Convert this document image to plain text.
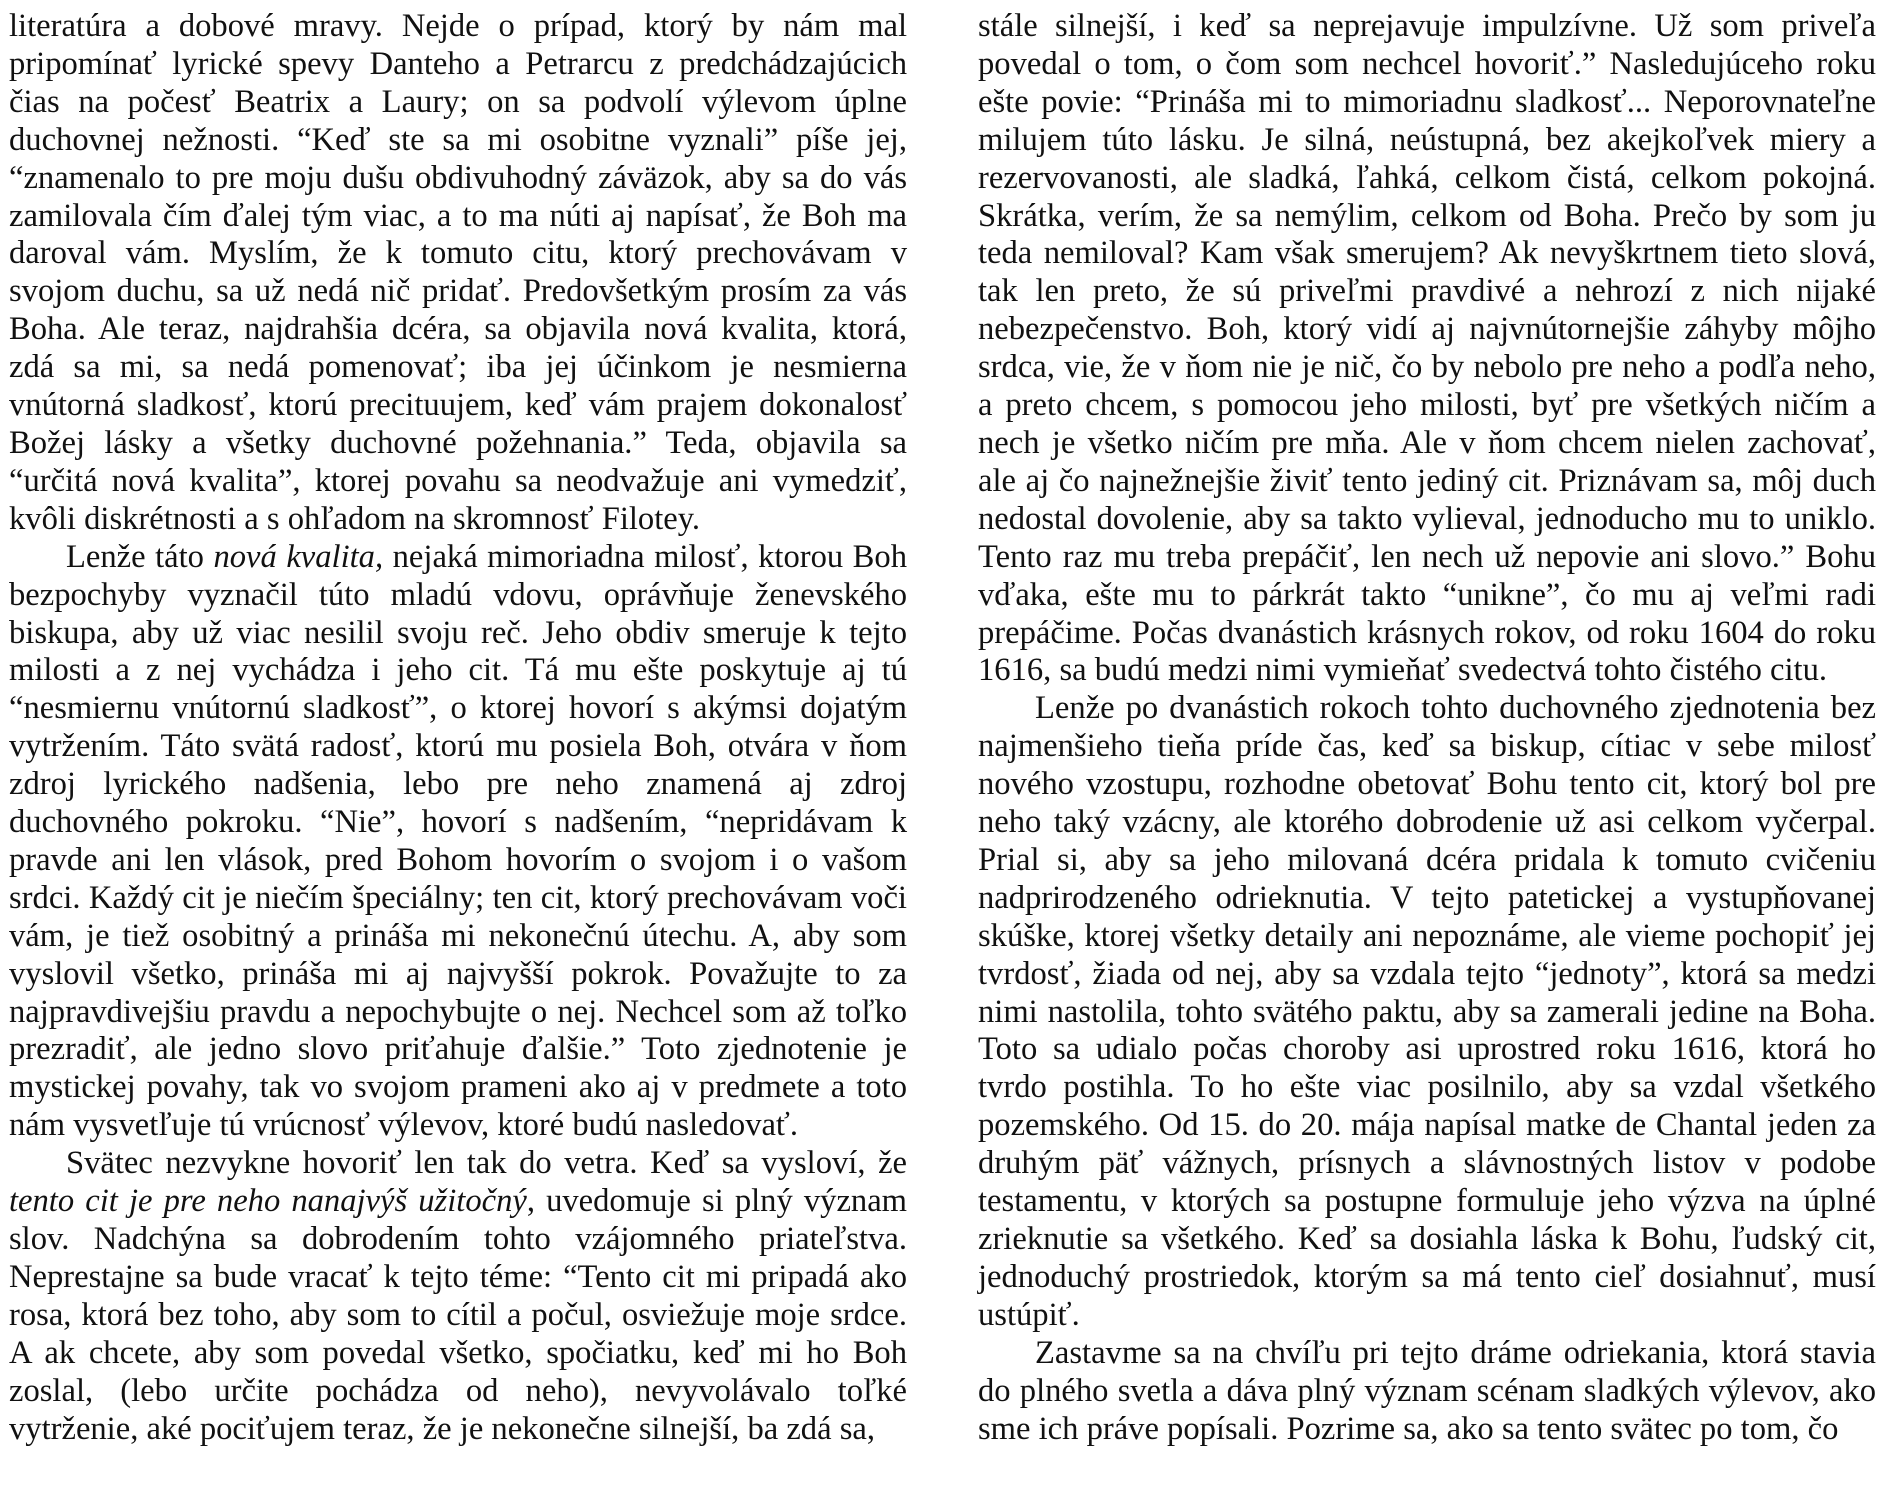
literatúra a dobové mravy. Nejde o prípad, ktorý by nám mal pripomínať lyrické spevy Danteho a Petrarcu z predchádzajúcich čias na počesť Beatrix a Laury; on sa podvolí výlevom úplne duchovnej nežnosti. “Keď ste sa mi osobitne vyznali” píše jej, “znamenalo to pre moju dušu obdivuhodný záväzok, aby sa do vás zamilovala čím ďalej tým viac, a to ma núti aj napísať, že Boh ma daroval vám. Myslím, že k tomuto citu, ktorý prechovávam v svojom duchu, sa už nedá nič pridať. Predovšetkým prosím za vás Boha. Ale teraz, najdrahšia dcéra, sa objavila nová kvalita, ktorá, zdá sa mi, sa nedá pomenovať; iba jej účinkom je nesmierna vnútorná sladkosť, ktorú precituujem, keď vám prajem dokonalosť Božej lásky a všetky duchovné požehnania.” Teda, objavila sa “určitá nová kvalita”, ktorej povahu sa neodvažuje ani vymedziť, kvôli diskrétnosti a s ohľadom na skromnosť Filotey.

Lenže táto nová kvalita, nejaká mimoriadna milosť, ktorou Boh bezpochyby vyznačil túto mladú vdovu, oprávňuje ženevského biskupa, aby už viac nesilil svoju reč. Jeho obdiv smeruje k tejto milosti a z nej vychádza i jeho cit. Tá mu ešte poskytuje aj tú “nesmiernu vnútornú sladkosť”, o ktorej hovorí s akýmsi dojatým vytržením. Táto svätá radosť, ktorú mu posiela Boh, otvára v ňom zdroj lyrického nadšenia, lebo pre neho znamená aj zdroj duchovného pokroku. “Nie”, hovorí s nadšením, “nepridávam k pravde ani len vlások, pred Bohom hovorím o svojom i o vašom srdci. Každý cit je niečím špeciálny; ten cit, ktorý prechovávam voči vám, je tiež osobitný a prináša mi nekonečnú útechu. A, aby som vyslovil všetko, prináša mi aj najvyšší pokrok. Považujte to za najpravdivejšiu pravdu a nepochybujte o nej. Nechcel som až toľko prezradiť, ale jedno slovo priťahuje ďalšie.” Toto zjednotenie je mystickej povahy, tak vo svojom prameni ako aj v predmete a toto nám vysvetľuje tú vrúcnosť výlevov, ktoré budú nasledovať.

Svätec nezvykne hovoriť len tak do vetra. Keď sa vysloví, že tento cit je pre neho nanajvýš užitočný, uvedomuje si plný význam slov. Nadchýna sa dobrodením tohto vzájomného priateľstva. Neprestajne sa bude vracať k tejto téme: “Tento cit mi pripadá ako rosa, ktorá bez toho, aby som to cítil a počul, osviežuje moje srdce. A ak chcete, aby som povedal všetko, spočiatku, keď mi ho Boh zoslal, (lebo určite pochádza od neho), nevyvolávalo toľké vytrženie, aké pociťujem teraz, že je nekonečne silnejší, ba zdá sa,

stále silnejší, i keď sa neprejavuje impulzívne. Už som priveľa povedal o tom, o čom som nechcel hovoriť.” Nasledujúceho roku ešte povie: “Prináša mi to mimoriadnu sladkosť... Neporovnateľne milujem túto lásku. Je silná, neústupná, bez akejkoľvek miery a rezervovanosti, ale sladká, ľahká, celkom čistá, celkom pokojná. Skrátka, verím, že sa nemýlim, celkom od Boha. Prečo by som ju teda nemiloval? Kam však smerujem? Ak nevyškrtnem tieto slová, tak len preto, že sú priveľmi pravdivé a nehrozí z nich nijaké nebezpečenstvo. Boh, ktorý vidí aj najvnútornejšie záhyby môjho srdca, vie, že v ňom nie je nič, čo by nebolo pre neho a podľa neho, a preto chcem, s pomocou jeho milosti, byť pre všetkých ničím a nech je všetko ničím pre mňa. Ale v ňom chcem nielen zachovať, ale aj čo najnežnejšie živiť tento jediný cit. Priznávam sa, môj duch nedostal dovolenie, aby sa takto vylieval, jednoducho mu to uniklo. Tento raz mu treba prepáčiť, len nech už nepovie ani slovo.” Bohu vďaka, ešte mu to párkrát takto “unikne”, čo mu aj veľmi radi prepáčime. Počas dvanástich krásnych rokov, od roku 1604 do roku 1616, sa budú medzi nimi vymieňať svedectvá tohto čistého citu.

Lenže po dvanástich rokoch tohto duchovného zjednotenia bez najmenšieho tieňa príde čas, keď sa biskup, cítiac v sebe milosť nového vzostupu, rozhodne obetovať Bohu tento cit, ktorý bol pre neho taký vzácny, ale ktorého dobrodenie už asi celkom vyčerpal. Prial si, aby sa jeho milovaná dcéra pridala k tomuto cvičeniu nadprirodzeného odrieknutia. V tejto patetickej a vystupňovanej skúške, ktorej všetky detaily ani nepoznáme, ale vieme pochopiť jej tvrdosť, žiada od nej, aby sa vzdala tejto “jednoty”, ktorá sa medzi nimi nastolila, tohto svätého paktu, aby sa zamerali jedine na Boha. Toto sa udialo počas choroby asi uprostred roku 1616, ktorá ho tvrdo postihla. To ho ešte viac posilnilo, aby sa vzdal všetkého pozemského. Od 15. do 20. mája napísal matke de Chantal jeden za druhým päť vážnych, prísnych a slávnostných listov v podobe testamentu, v ktorých sa postupne formuluje jeho výzva na úplné zrieknutie sa všetkého. Keď sa dosiahla láska k Bohu, ľudský cit, jednoduchý prostriedok, ktorým sa má tento cieľ dosiahnuť, musí ustúpiť.

Zastavme sa na chvíľu pri tejto dráme odriekania, ktorá stavia do plného svetla a dáva plný význam scénam sladkých výlevov, ako sme ich práve popísali. Pozrime sa, ako sa tento svätec po tom, čo
